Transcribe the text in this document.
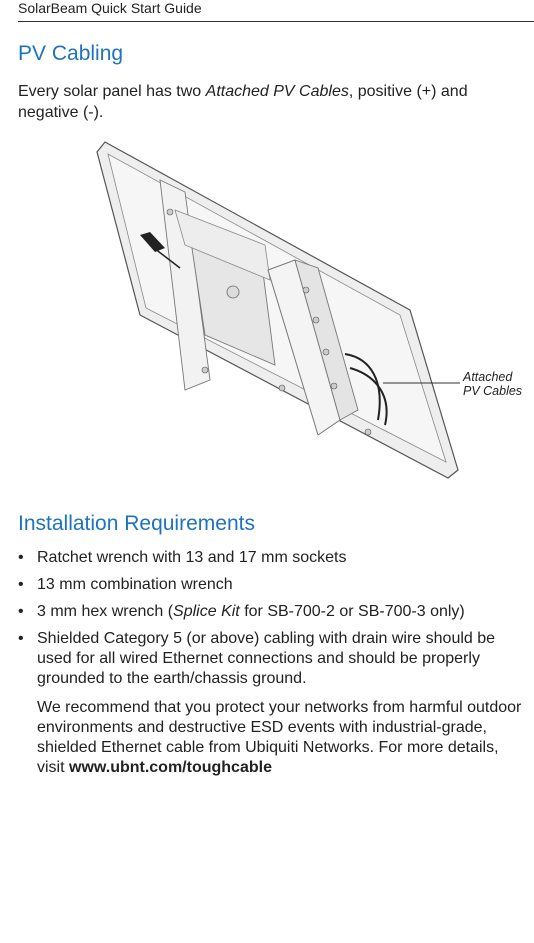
SolarBeam Quick Start Guide
PV Cabling
Every solar panel has two Attached PV Cables, positive (+) and negative (-).
Attached
PV Cables
Installation Requirements
• Ratchet wrench with 13 and 17 mm sockets
• 13 mm combination wrench
• 3 mm hex wrench (Splice Kit for SB-700-2 or SB-700-3 only)
• Shielded Category 5 (or above) cabling with drain wire should be used for all wired Ethernet connections and should be properly grounded to the earth/chassis ground.
We recommend that you protect your networks from harmful outdoor environments and destructive ESD events with industrial-grade, shielded Ethernet cable from Ubiquiti Networks. For more details, visit www.ubnt.com/toughcable
